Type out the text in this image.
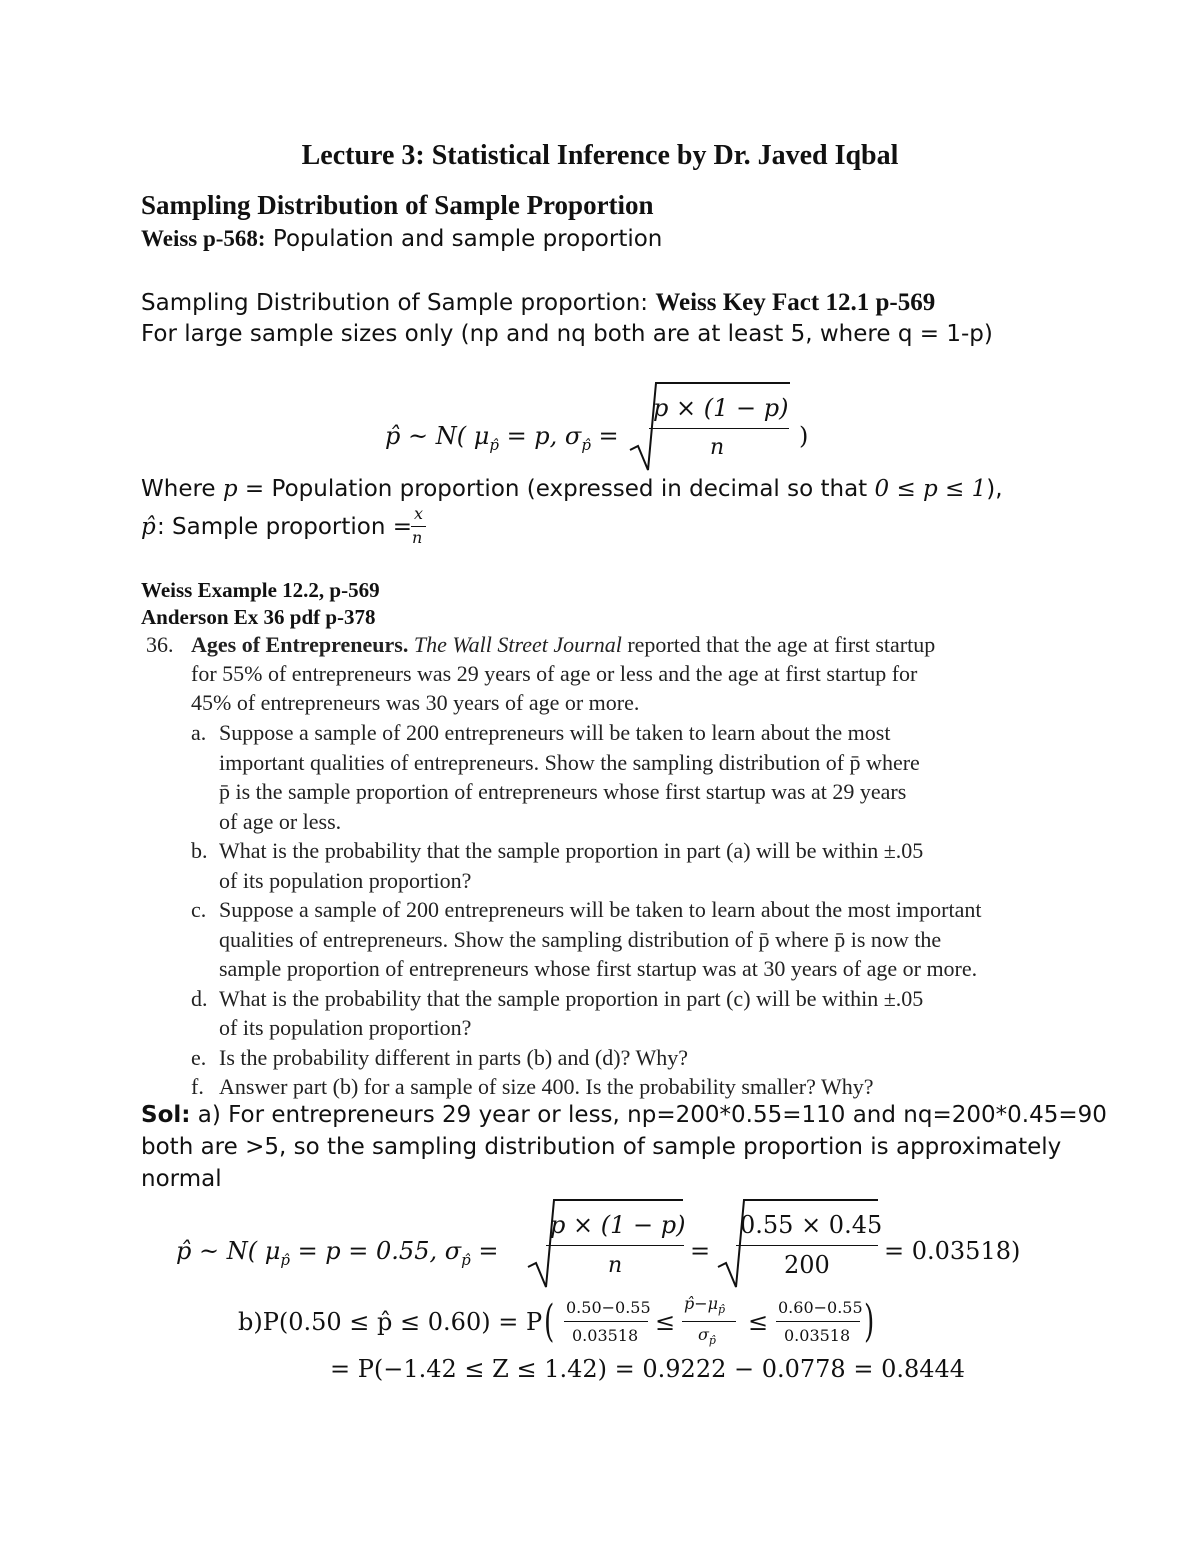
Lecture 3: Statistical Inference by Dr. Javed Iqbal
Sampling Distribution of Sample Proportion
Weiss p-568: Population and sample proportion
Sampling Distribution of Sample proportion: Weiss Key Fact 12.1 p-569
For large sample sizes only (np and nq both are at least 5, where q = 1-p)
p̂ ~ N( $\mu_{p̂} = p$, $\sigma_{p̂}$ =
p × (1 − p)
n	)
Where p = Population proportion (expressed in decimal so that 0 ≤ p ≤ 1),
p̂ : Sample proportion =
x
n
Weiss Example 12.2, p-569
Anderson Ex 36 pdf p-378
36. Ages of Entrepreneurs. The Wall Street Journal reported that the age at first startup
for 55% of entrepreneurs was 29 years of age or less and the age at first startup for
45% of entrepreneurs was 30 years of age or more.
a. Suppose a sample of 200 entrepreneurs will be taken to learn about the most
important qualities of entrepreneurs. Show the sampling distribution of p̄ where
p̄ is the sample proportion of entrepreneurs whose first startup was at 29 years
of age or less.
b. What is the probability that the sample proportion in part (a) will be within ±.05
of its population proportion?
c. Suppose a sample of 200 entrepreneurs will be taken to learn about the most important
qualities of entrepreneurs. Show the sampling distribution of p̄ where p̄ is now the
sample proportion of entrepreneurs whose first startup was at 30 years of age or more.
d. What is the probability that the sample proportion in part (c) will be within ±.05
of its population proportion?
e. Is the probability different in parts (b) and (d)? Why?
f. Answer part (b) for a sample of size 400. Is the probability smaller? Why?
Sol: a) For entrepreneurs 29 year or less, np=200*0.55=110 and nq=200*0.45=90
both are >5, so the sampling distribution of sample proportion is approximately
normal
p̂ ~ N( $\mu_{p̂} = p = 0.55$, $\sigma_{p̂}$ =
p × (1 − p)
n
=
0.55 × 0.45
200 = 0.03518)
b)P(0.50 ≤ p̂ ≤ 0.60) = P ( 0.50−0.55
0.03518 ≤
$p̂-\mu_{p̂}$
$\sigma_{p̂}$
≤
0.60−0.55
0.03518 )
= P(−1.42 ≤ Z ≤ 1.42) = 0.9222 − 0.0778 = 0.8444
